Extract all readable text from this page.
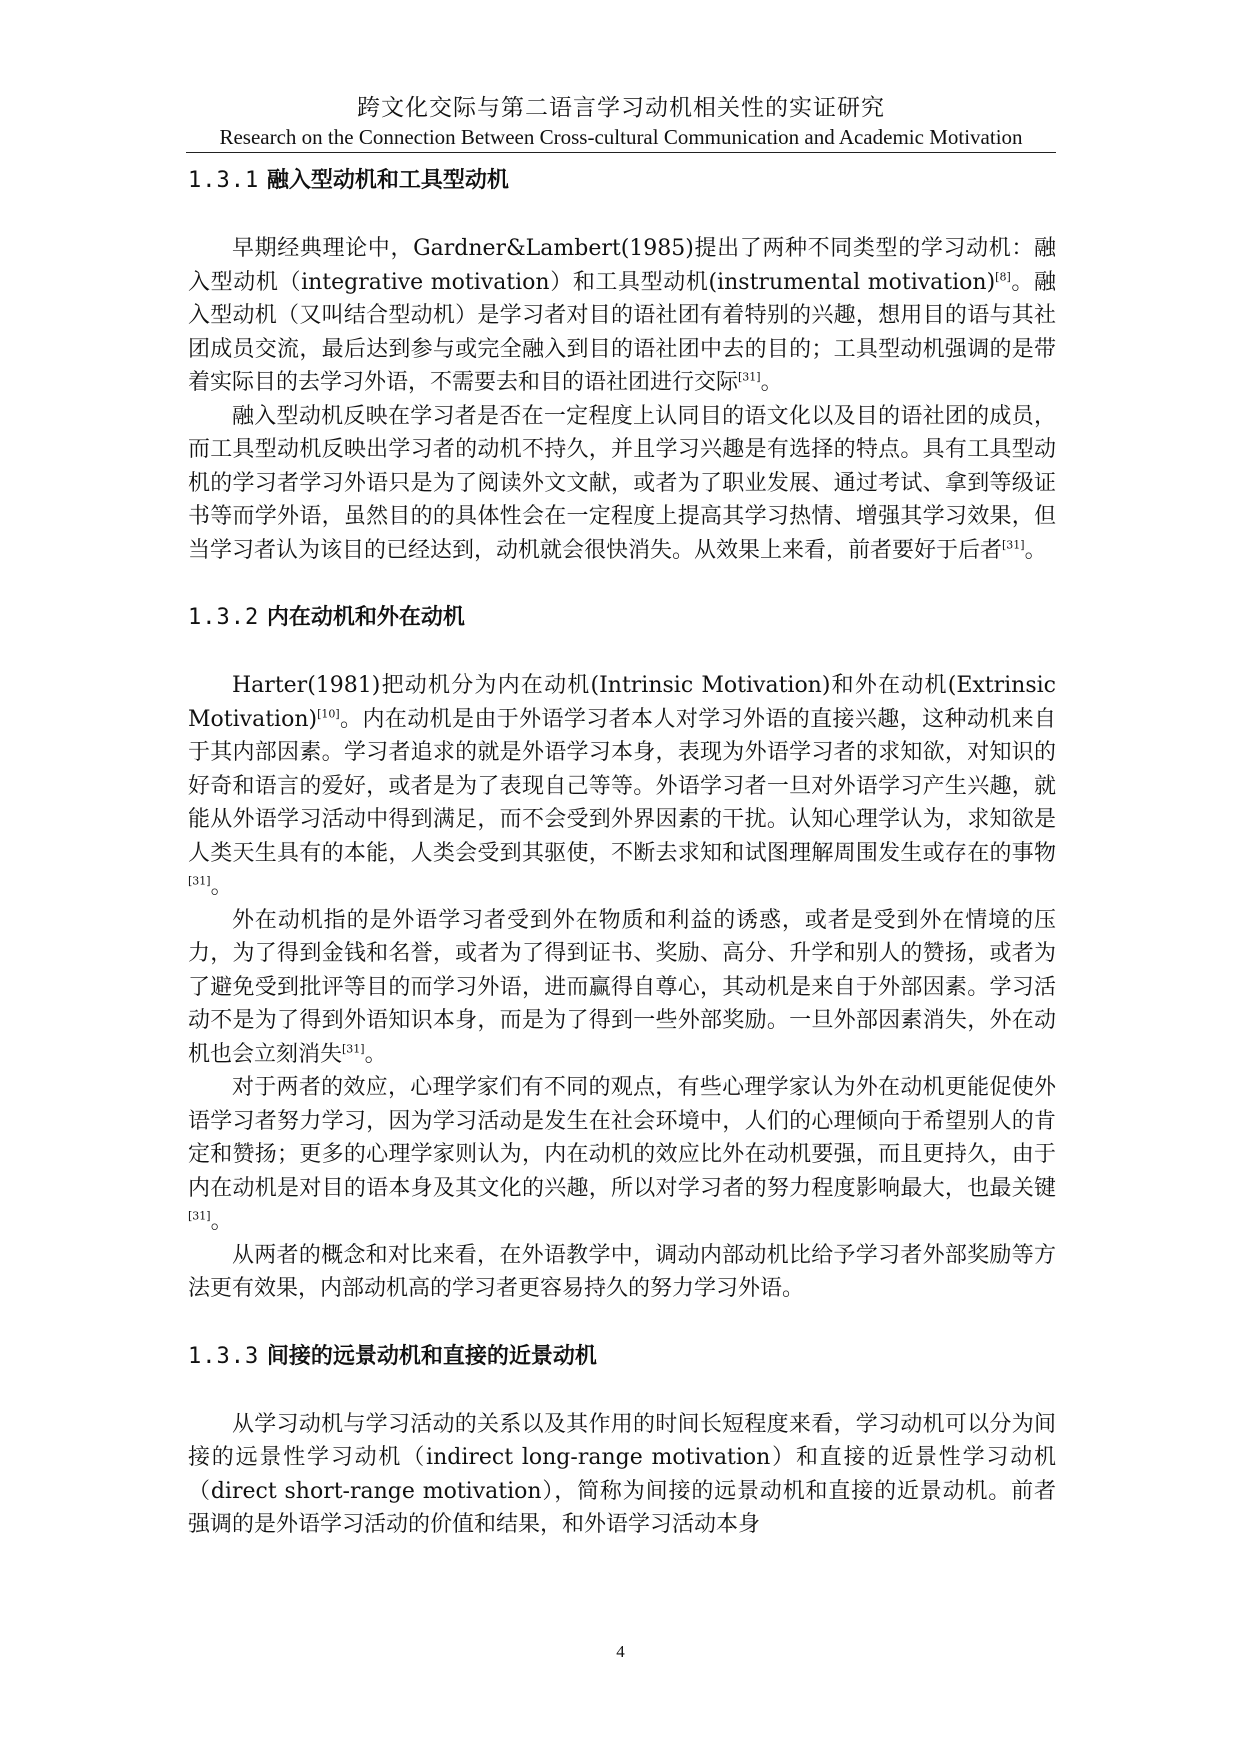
跨文化交际与第二语言学习动机相关性的实证研究
Research on the Connection Between Cross-cultural Communication and Academic Motivation
1.3.1 融入型动机和工具型动机

早期经典理论中，Gardner&Lambert(1985)提出了两种不同类型的学习动机：融入型动机（integrative motivation）和工具型动机(instrumental motivation)[8]。融入型动机（又叫结合型动机）是学习者对目的语社团有着特别的兴趣，想用目的语与其社团成员交流，最后达到参与或完全融入到目的语社团中去的目的；工具型动机强调的是带着实际目的去学习外语，不需要去和目的语社团进行交际[31]。

融入型动机反映在学习者是否在一定程度上认同目的语文化以及目的语社团的成员，而工具型动机反映出学习者的动机不持久，并且学习兴趣是有选择的特点。具有工具型动机的学习者学习外语只是为了阅读外文文献，或者为了职业发展、通过考试、拿到等级证书等而学外语，虽然目的的具体性会在一定程度上提高其学习热情、增强其学习效果，但当学习者认为该目的已经达到，动机就会很快消失。从效果上来看，前者要好于后者[31]。

1.3.2 内在动机和外在动机

Harter(1981)把动机分为内在动机(Intrinsic Motivation)和外在动机(Extrinsic Motivation)[10]。内在动机是由于外语学习者本人对学习外语的直接兴趣，这种动机来自于其内部因素。学习者追求的就是外语学习本身，表现为外语学习者的求知欲，对知识的好奇和语言的爱好，或者是为了表现自己等等。外语学习者一旦对外语学习产生兴趣，就能从外语学习活动中得到满足，而不会受到外界因素的干扰。认知心理学认为，求知欲是人类天生具有的本能，人类会受到其驱使，不断去求知和试图理解周围发生或存在的事物[31]。

外在动机指的是外语学习者受到外在物质和利益的诱惑，或者是受到外在情境的压力，为了得到金钱和名誉，或者为了得到证书、奖励、高分、升学和别人的赞扬，或者为了避免受到批评等目的而学习外语，进而赢得自尊心，其动机是来自于外部因素。学习活动不是为了得到外语知识本身，而是为了得到一些外部奖励。一旦外部因素消失，外在动机也会立刻消失[31]。

对于两者的效应，心理学家们有不同的观点，有些心理学家认为外在动机更能促使外语学习者努力学习，因为学习活动是发生在社会环境中，人们的心理倾向于希望别人的肯定和赞扬；更多的心理学家则认为，内在动机的效应比外在动机要强，而且更持久，由于内在动机是对目的语本身及其文化的兴趣，所以对学习者的努力程度影响最大，也最关键[31]。

从两者的概念和对比来看，在外语教学中，调动内部动机比给予学习者外部奖励等方法更有效果，内部动机高的学习者更容易持久的努力学习外语。

1.3.3 间接的远景动机和直接的近景动机

从学习动机与学习活动的关系以及其作用的时间长短程度来看，学习动机可以分为间接的远景性学习动机（indirect long-range motivation）和直接的近景性学习动机（direct short-range motivation），简称为间接的远景动机和直接的近景动机。前者强调的是外语学习活动的价值和结果，和外语学习活动本身

4
